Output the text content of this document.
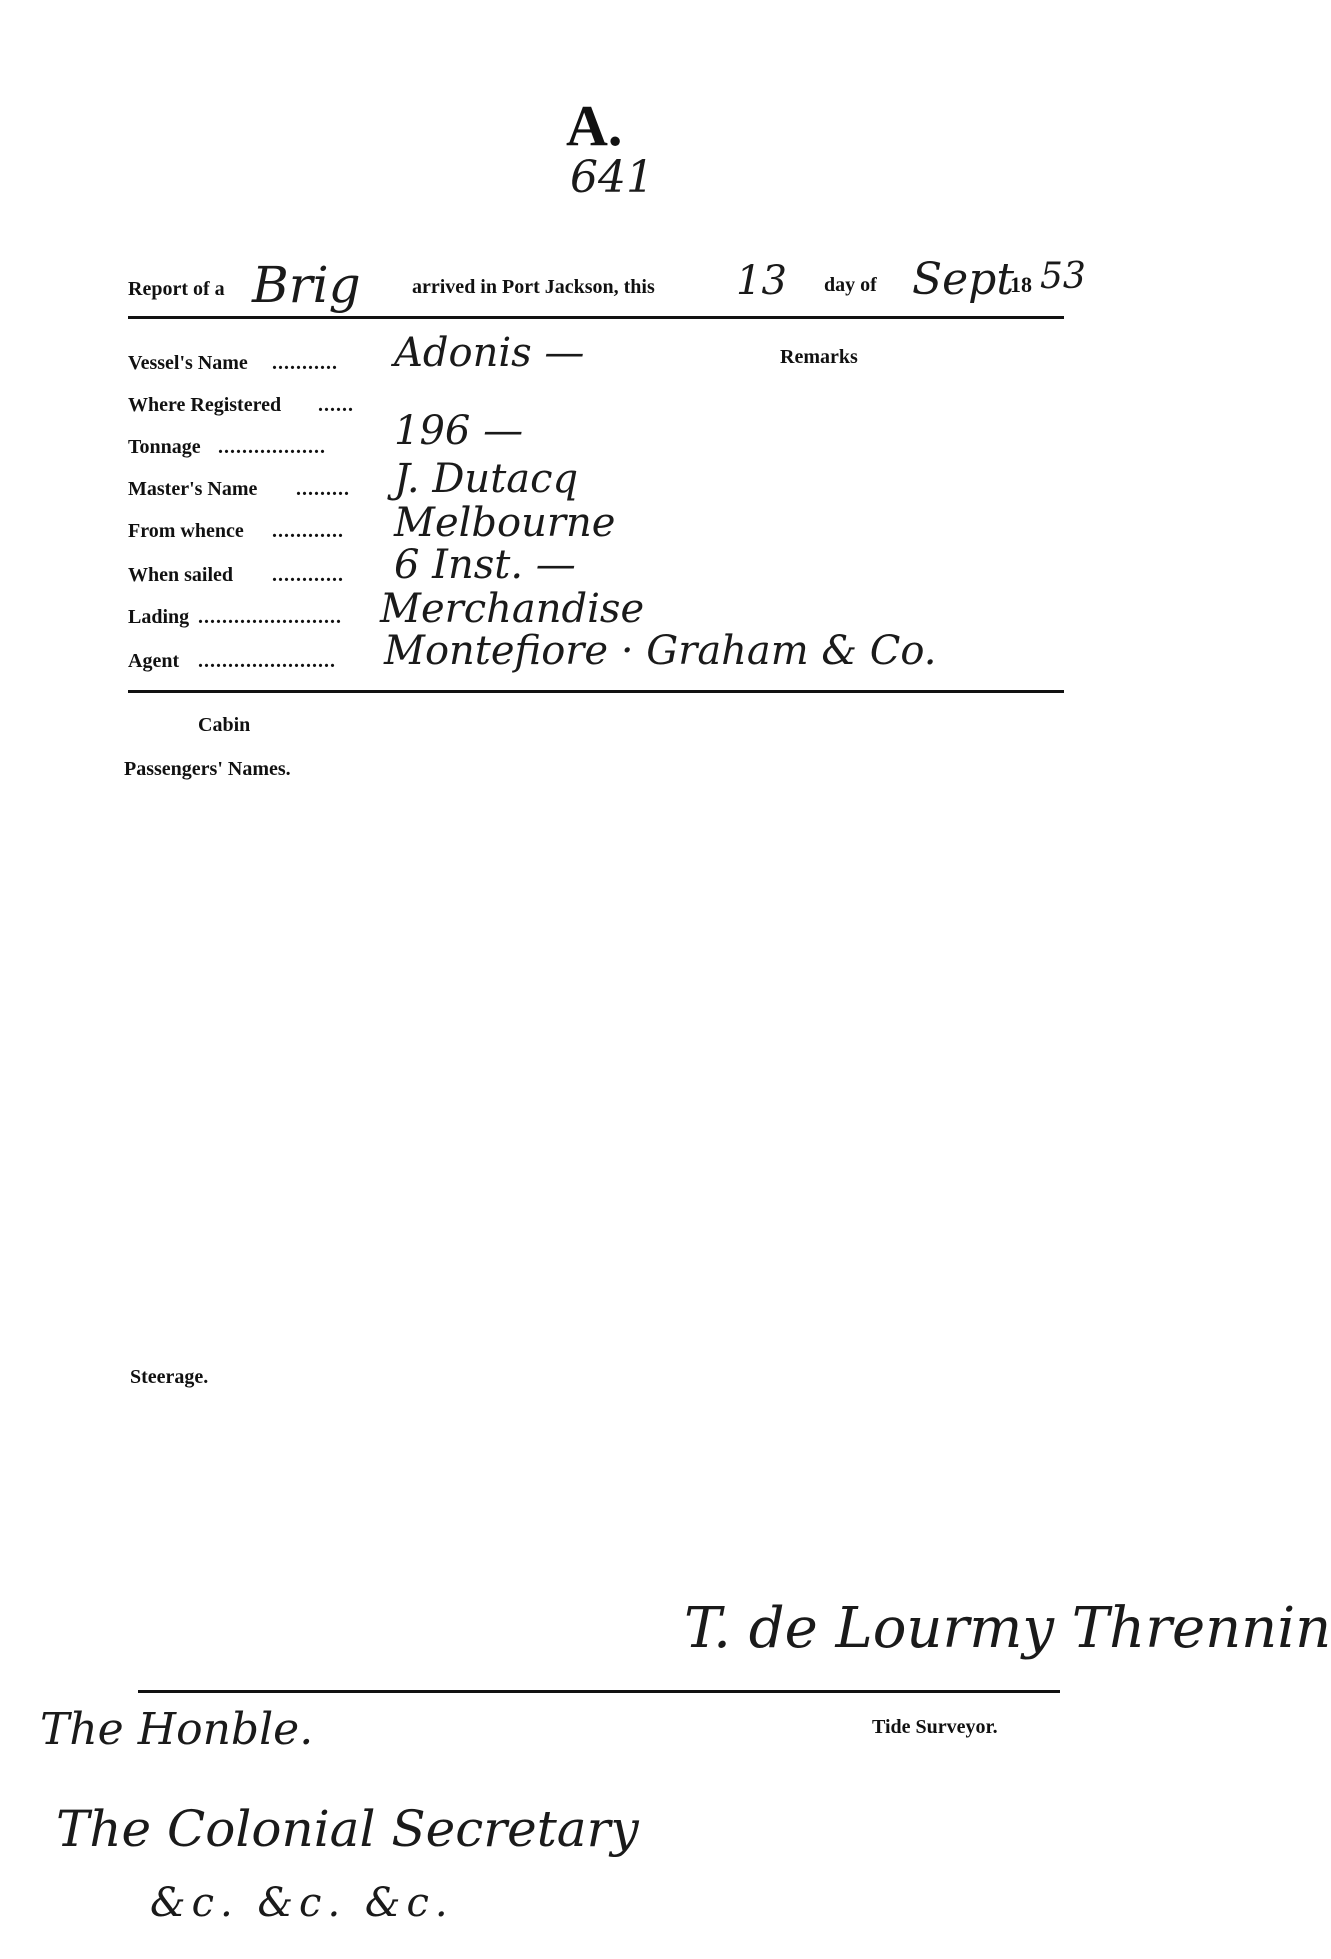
A.
641
Report of a Brig	arrived in Port Jackson, this 13 day of Sept
18 53
Remarks
Vessel's Name ........... Adonis —
Where Registered ......
Tonnage .................. 196 —
Master's Name ......... J. Dutacq
From whence ............ Melbourne
When sailed ............ 6 Inst. —
Lading ........................ Merchandise
Agent ....................... Montefiore · Graham & Co.
Cabin
Passengers' Names.
Steerage.
T. de Lourmy Thrennin
Tide Surveyor.
The Honble.
The Colonial Secretary
&c. &c. &c.
